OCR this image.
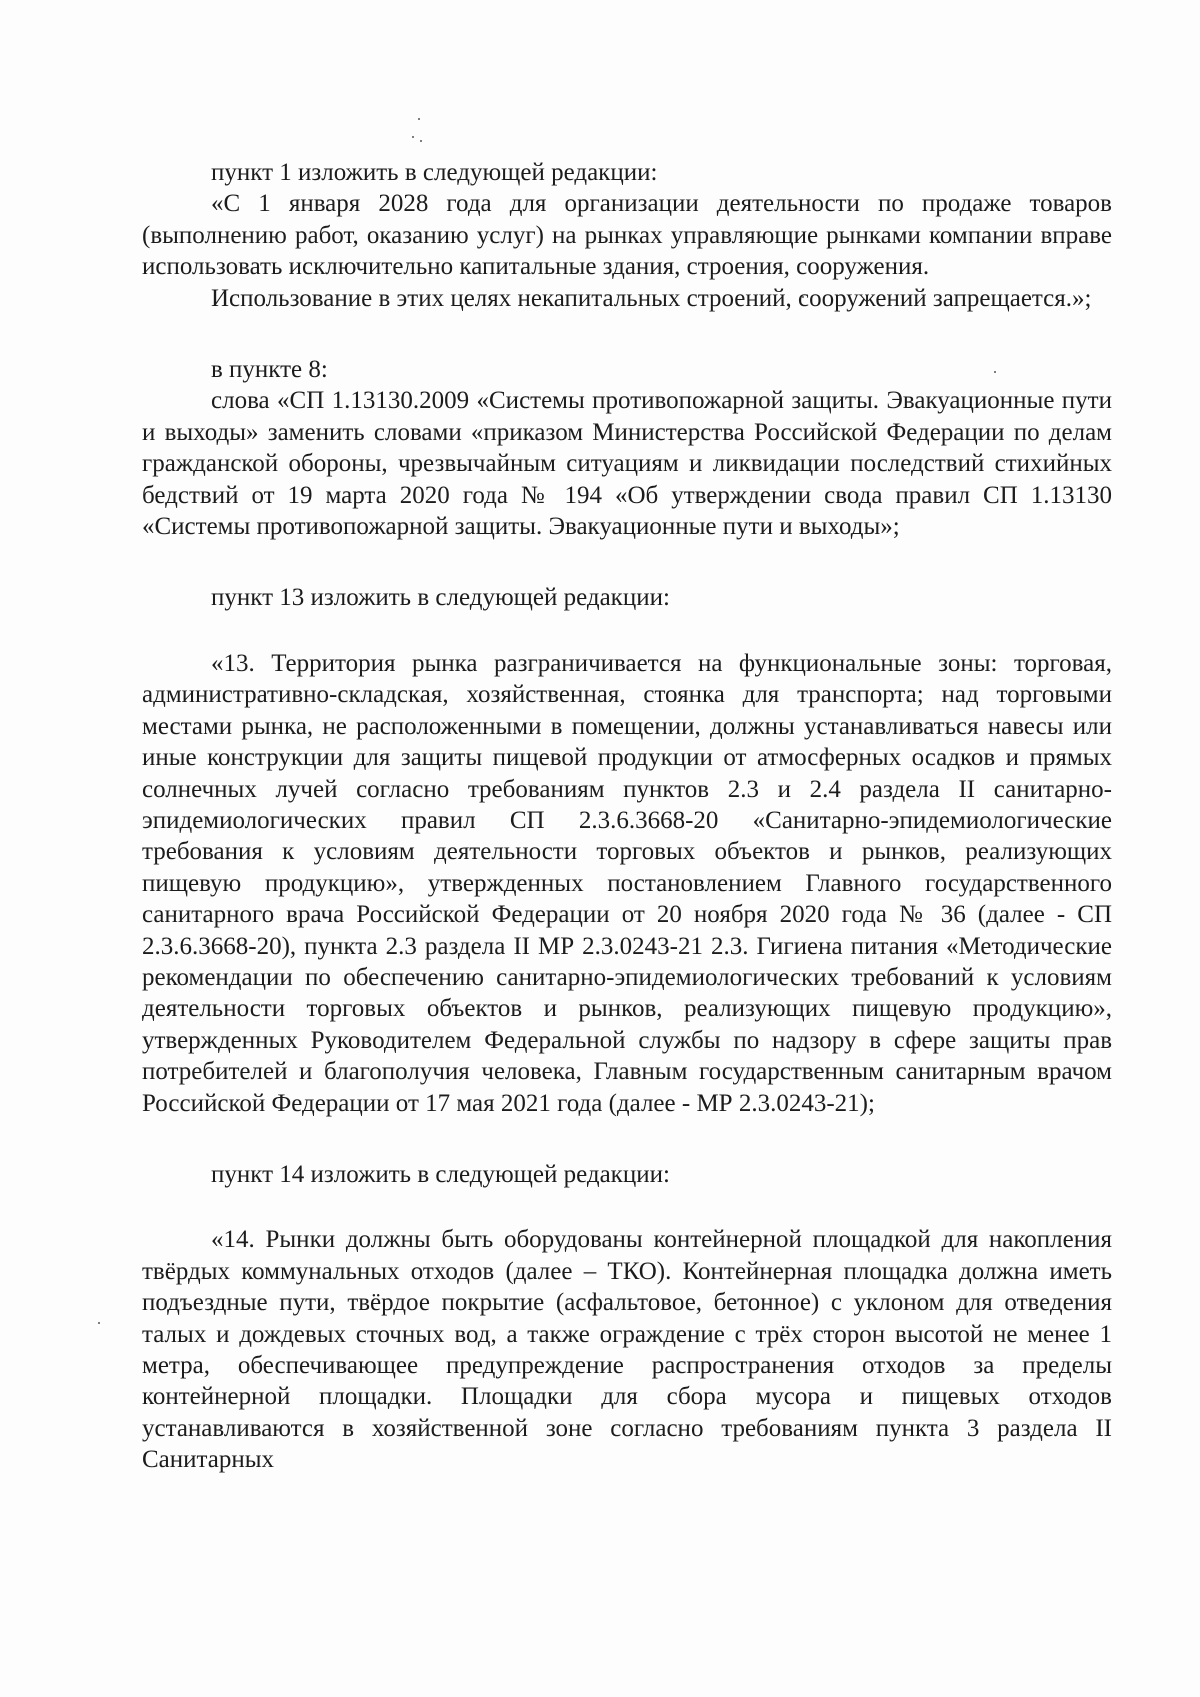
пункт 1 изложить в следующей редакции:

«С 1 января 2028 года для организации деятельности по продаже товаров (выполнению работ, оказанию услуг) на рынках управляющие рынками компании вправе использовать исключительно капитальные здания, строения, сооружения.

Использование в этих целях некапитальных строений, сооружений запрещается.»;

в пункте 8:

слова «СП 1.13130.2009 «Системы противопожарной защиты. Эвакуационные пути и выходы» заменить словами «приказом Министерства Российской Федерации по делам гражданской обороны, чрезвычайным ситуациям и ликвидации последствий стихийных бедствий от 19 марта 2020 года № 194 «Об утверждении свода правил СП 1.13130 «Системы противопожарной защиты. Эвакуационные пути и выходы»;

пункт 13 изложить в следующей редакции:

«13. Территория рынка разграничивается на функциональные зоны: торговая, административно-складская, хозяйственная, стоянка для транспорта; над торговыми местами рынка, не расположенными в помещении, должны устанавливаться навесы или иные конструкции для защиты пищевой продукции от атмосферных осадков и прямых солнечных лучей согласно требованиям пунктов 2.3 и 2.4 раздела II санитарно-эпидемиологических правил СП 2.3.6.3668-20 «Санитарно-эпидемиологические требования к условиям деятельности торговых объектов и рынков, реализующих пищевую продукцию», утвержденных постановлением Главного государственного санитарного врача Российской Федерации от 20 ноября 2020 года № 36 (далее - СП 2.3.6.3668-20), пункта 2.3 раздела II МР 2.3.0243-21 2.3. Гигиена питания «Методические рекомендации по обеспечению санитарно-эпидемиологических требований к условиям деятельности торговых объектов и рынков, реализующих пищевую продукцию», утвержденных Руководителем Федеральной службы по надзору в сфере защиты прав потребителей и благополучия человека, Главным государственным санитарным врачом Российской Федерации от 17 мая 2021 года (далее - МР 2.3.0243-21);

пункт 14 изложить в следующей редакции:

«14. Рынки должны быть оборудованы контейнерной площадкой для накопления твёрдых коммунальных отходов (далее – ТКО). Контейнерная площадка должна иметь подъездные пути, твёрдое покрытие (асфальтовое, бетонное) с уклоном для отведения талых и дождевых сточных вод, а также ограждение с трёх сторон высотой не менее 1 метра, обеспечивающее предупреждение распространения отходов за пределы контейнерной площадки. Площадки для сбора мусора и пищевых отходов устанавливаются в хозяйственной зоне согласно требованиям пункта 3 раздела II Санитарных
